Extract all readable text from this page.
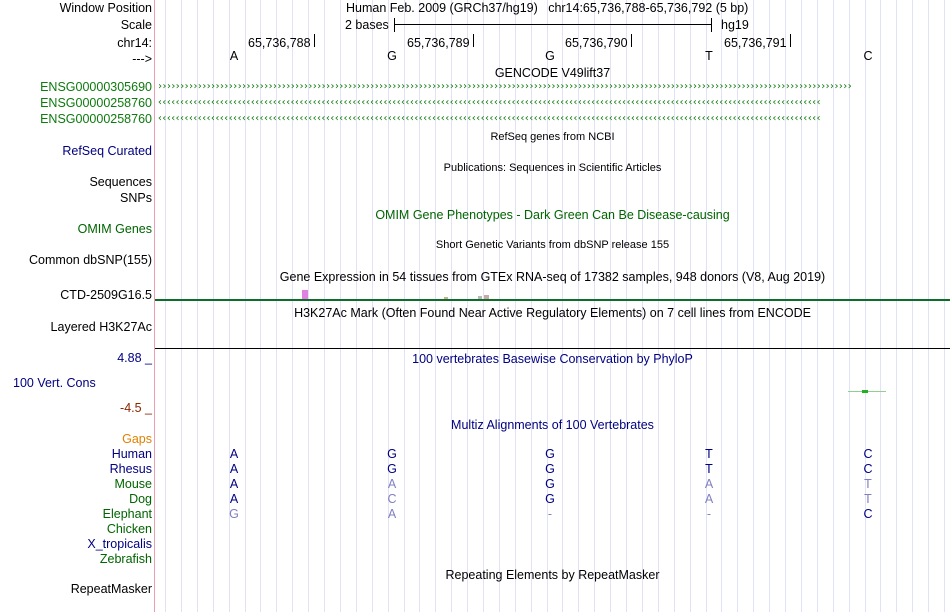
Window Position	Human Feb. 2009 (GRCh37/hg19)   chr14:65,736,788-65,736,792 (5 bp)
Scale	2 bases	hg19
chr14:	65,736,788	65,736,789	65,736,790	65,736,791
--->	A	G	G	T	C
GENCODE V49lift37
ENSG00000305690 ›››››››››››››››››››››››››››››››››››››››››››››››››››››››››››››››››››››››››››››››››››››››››››››››››››››››››››››››››››››››››››››››››››››››››››››››››››››››››››››
ENSG00000258760 ‹‹‹‹‹‹‹‹‹‹‹‹‹‹‹‹‹‹‹‹‹‹‹‹‹‹‹‹‹‹‹‹‹‹‹‹‹‹‹‹‹‹‹‹‹‹‹‹‹‹‹‹‹‹‹‹‹‹‹‹‹‹‹‹‹‹‹‹‹‹‹‹‹‹‹‹‹‹‹‹‹‹‹‹‹‹‹‹‹‹‹‹‹‹‹‹‹‹‹‹‹‹‹‹‹‹‹‹‹‹‹‹‹‹‹‹‹‹‹‹‹‹‹‹‹‹‹‹‹‹‹‹‹‹‹‹‹‹‹‹‹‹‹‹‹‹‹‹‹‹
ENSG00000258760 ‹‹‹‹‹‹‹‹‹‹‹‹‹‹‹‹‹‹‹‹‹‹‹‹‹‹‹‹‹‹‹‹‹‹‹‹‹‹‹‹‹‹‹‹‹‹‹‹‹‹‹‹‹‹‹‹‹‹‹‹‹‹‹‹‹‹‹‹‹‹‹‹‹‹‹‹‹‹‹‹‹‹‹‹‹‹‹‹‹‹‹‹‹‹‹‹‹‹‹‹‹‹‹‹‹‹‹‹‹‹‹‹‹‹‹‹‹‹‹‹‹‹‹‹‹‹‹‹‹‹‹‹‹‹‹‹‹‹‹‹‹‹‹‹‹‹‹‹‹‹
RefSeq genes from NCBI
RefSeq Curated
Publications: Sequences in Scientific Articles
Sequences
SNPs
OMIM Gene Phenotypes - Dark Green Can Be Disease-causing
OMIM Genes
Short Genetic Variants from dbSNP release 155
Common dbSNP(155)
Gene Expression in 54 tissues from GTEx RNA-seq of 17382 samples, 948 donors (V8, Aug 2019)
CTD-2509G16.5
H3K27Ac Mark (Often Found Near Active Regulatory Elements) on 7 cell lines from ENCODE
Layered H3K27Ac
4.88 _	100 vertebrates Basewise Conservation by PhyloP
100 Vert. Cons
-4.5 _
Multiz Alignments of 100 Vertebrates
Gaps
Human	A	G	G	T	C
Rhesus	A	G	G	T	C
Mouse	A	A	G	A	T
Dog	A	C	G	A	T
Elephant	G	A	-	-	C
Chicken
X_tropicalis
Zebrafish
Repeating Elements by RepeatMasker
RepeatMasker
